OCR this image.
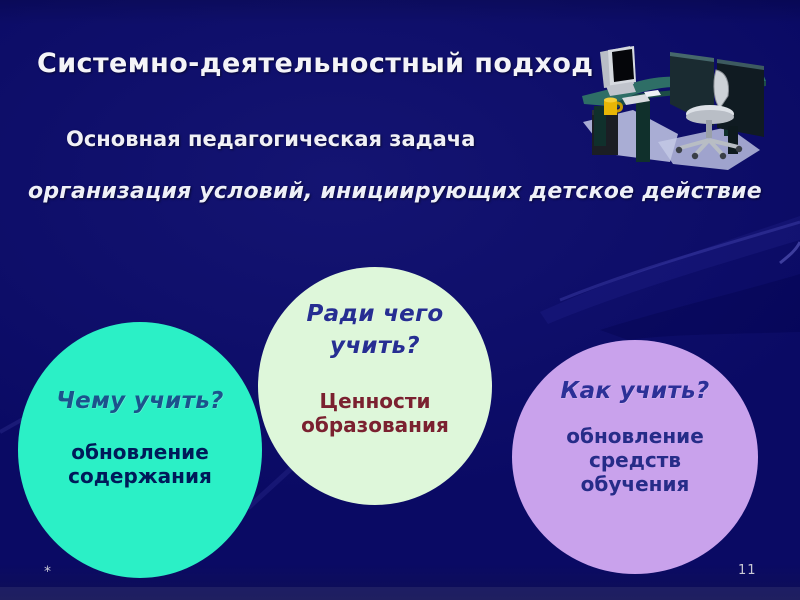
Системно-деятельностный подход
Основная педагогическая задача
организация условий, инициирующих детское действие
Чему учить?
обновление содержания
Ради чего учить?
Ценности образования
Как учить?
обновление средств обучения
*	11
